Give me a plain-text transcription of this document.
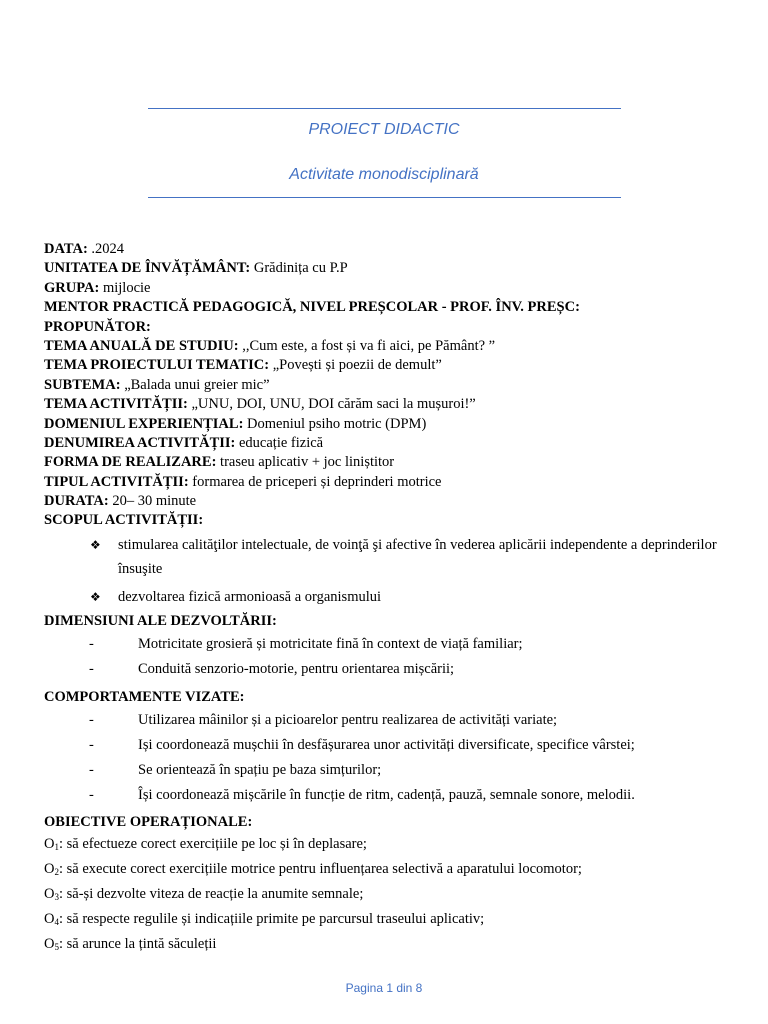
PROIECT DIDACTIC
Activitate monodisciplinară
DATA: .2024
UNITATEA DE ÎNVĂȚĂMÂNT: Grădinița cu P.P
GRUPA: mijlocie
MENTOR PRACTICĂ PEDAGOGICĂ, NIVEL PREȘCOLAR - PROF. ÎNV. PREȘC:
PROPUNĂTOR:
TEMA ANUALĂ DE STUDIU: ,,Cum este, a fost și va fi aici, pe Pământ? ”
TEMA PROIECTULUI TEMATIC: „Povești și poezii de demult”
SUBTEMA: „Balada unui greier mic”
TEMA ACTIVITĂȚII: „UNU, DOI, UNU, DOI cărăm saci la mușuroi!”
DOMENIUL EXPERIENȚIAL: Domeniul psiho motric (DPM)
DENUMIREA ACTIVITĂȚII: educație fizică
FORMA DE REALIZARE: traseu aplicativ + joc liniștitor
TIPUL ACTIVITĂȚII: formarea de priceperi și deprinderi motrice
DURATA: 20– 30 minute
SCOPUL ACTIVITĂȚII:
❖ stimularea calităţilor intelectuale, de voinţă şi afective în vederea aplicării independente a deprinderilor însuşite
❖ dezvoltarea fizică armonioasă a organismului
DIMENSIUNI ALE DEZVOLTĂRII:
-	Motricitate grosieră și motricitate fină în context de viață familiar;
-	Conduită senzorio-motorie, pentru orientarea mișcării;
COMPORTAMENTE VIZATE:
-	Utilizarea mâinilor și a picioarelor pentru realizarea de activități variate;
-	Iși coordonează mușchii în desfășurarea unor activități diversificate, specifice vârstei;
-	Se orientează în spațiu pe baza simțurilor;
-	Își coordonează mișcările în funcție de ritm, cadență, pauză, semnale sonore, melodii.
OBIECTIVE OPERAȚIONALE:
$O_1$: să efectueze corect exercițiile pe loc și în deplasare;
$O_2$: să execute corect exercițiile motrice pentru influențarea selectivă a aparatului locomotor;
$O_3$: să-și dezvolte viteza de reacție la anumite semnale;
$O_4$: să respecte regulile și indicațiile primite pe parcursul traseului aplicativ;
$O_5$: să arunce la țintă săculeții
Pagina 1 din 8
